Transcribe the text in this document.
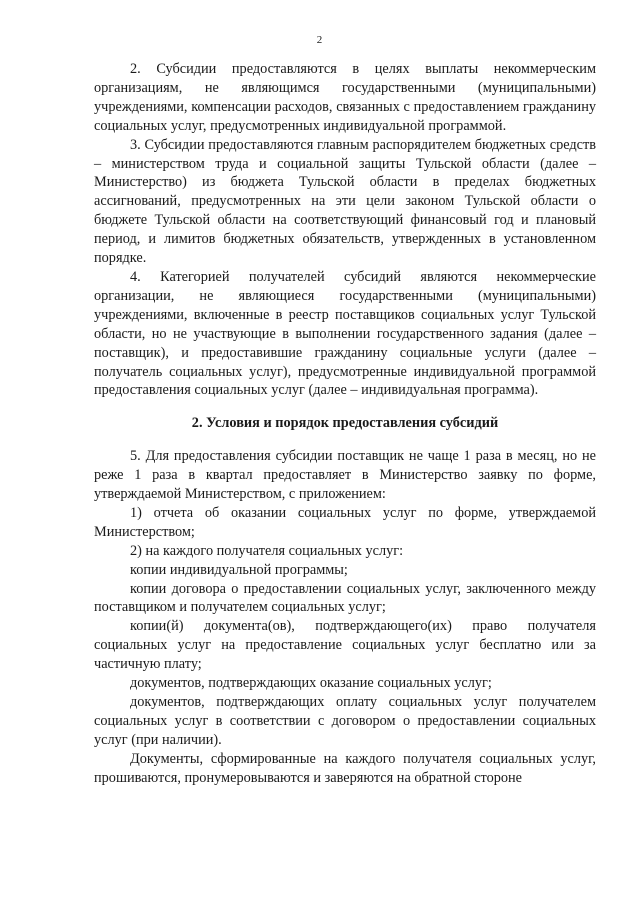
2

2. Субсидии предоставляются в целях выплаты некоммерческим организациям, не являющимся государственными (муниципальными) учреждениями, компенсации расходов, связанных с предоставлением гражданину социальных услуг, предусмотренных индивидуальной программой.

3. Субсидии предоставляются главным распорядителем бюджетных средств – министерством труда и социальной защиты Тульской области (далее – Министерство) из бюджета Тульской области в пределах бюджетных ассигнований, предусмотренных на эти цели законом Тульской области о бюджете Тульской области на соответствующий финансовый год и плановый период, и лимитов бюджетных обязательств, утвержденных в установленном порядке.

4. Категорией получателей субсидий являются некоммерческие организации, не являющиеся государственными (муниципальными) учреждениями, включенные в реестр поставщиков социальных услуг Тульской области, но не участвующие в выполнении государственного задания (далее – поставщик), и предоставившие гражданину социальные услуги (далее – получатель социальных услуг), предусмотренные индивидуальной программой предоставления социальных услуг (далее – индивидуальная программа).

2. Условия и порядок предоставления субсидий

5. Для предоставления субсидии поставщик не чаще 1 раза в месяц, но не реже 1 раза в квартал предоставляет в Министерство заявку по форме, утверждаемой Министерством, с приложением:

1) отчета об оказании социальных услуг по форме, утверждаемой Министерством;

2) на каждого получателя социальных услуг:

копии индивидуальной программы;

копии договора о предоставлении социальных услуг, заключенного между поставщиком и получателем социальных услуг;

копии(й) документа(ов), подтверждающего(их) право получателя социальных услуг на предоставление социальных услуг бесплатно или за частичную плату;

документов, подтверждающих оказание социальных услуг;

документов, подтверждающих оплату социальных услуг получателем социальных услуг в соответствии с договором о предоставлении социальных услуг (при наличии).

Документы, сформированные на каждого получателя социальных услуг, прошиваются, пронумеровываются и заверяются на обратной стороне
